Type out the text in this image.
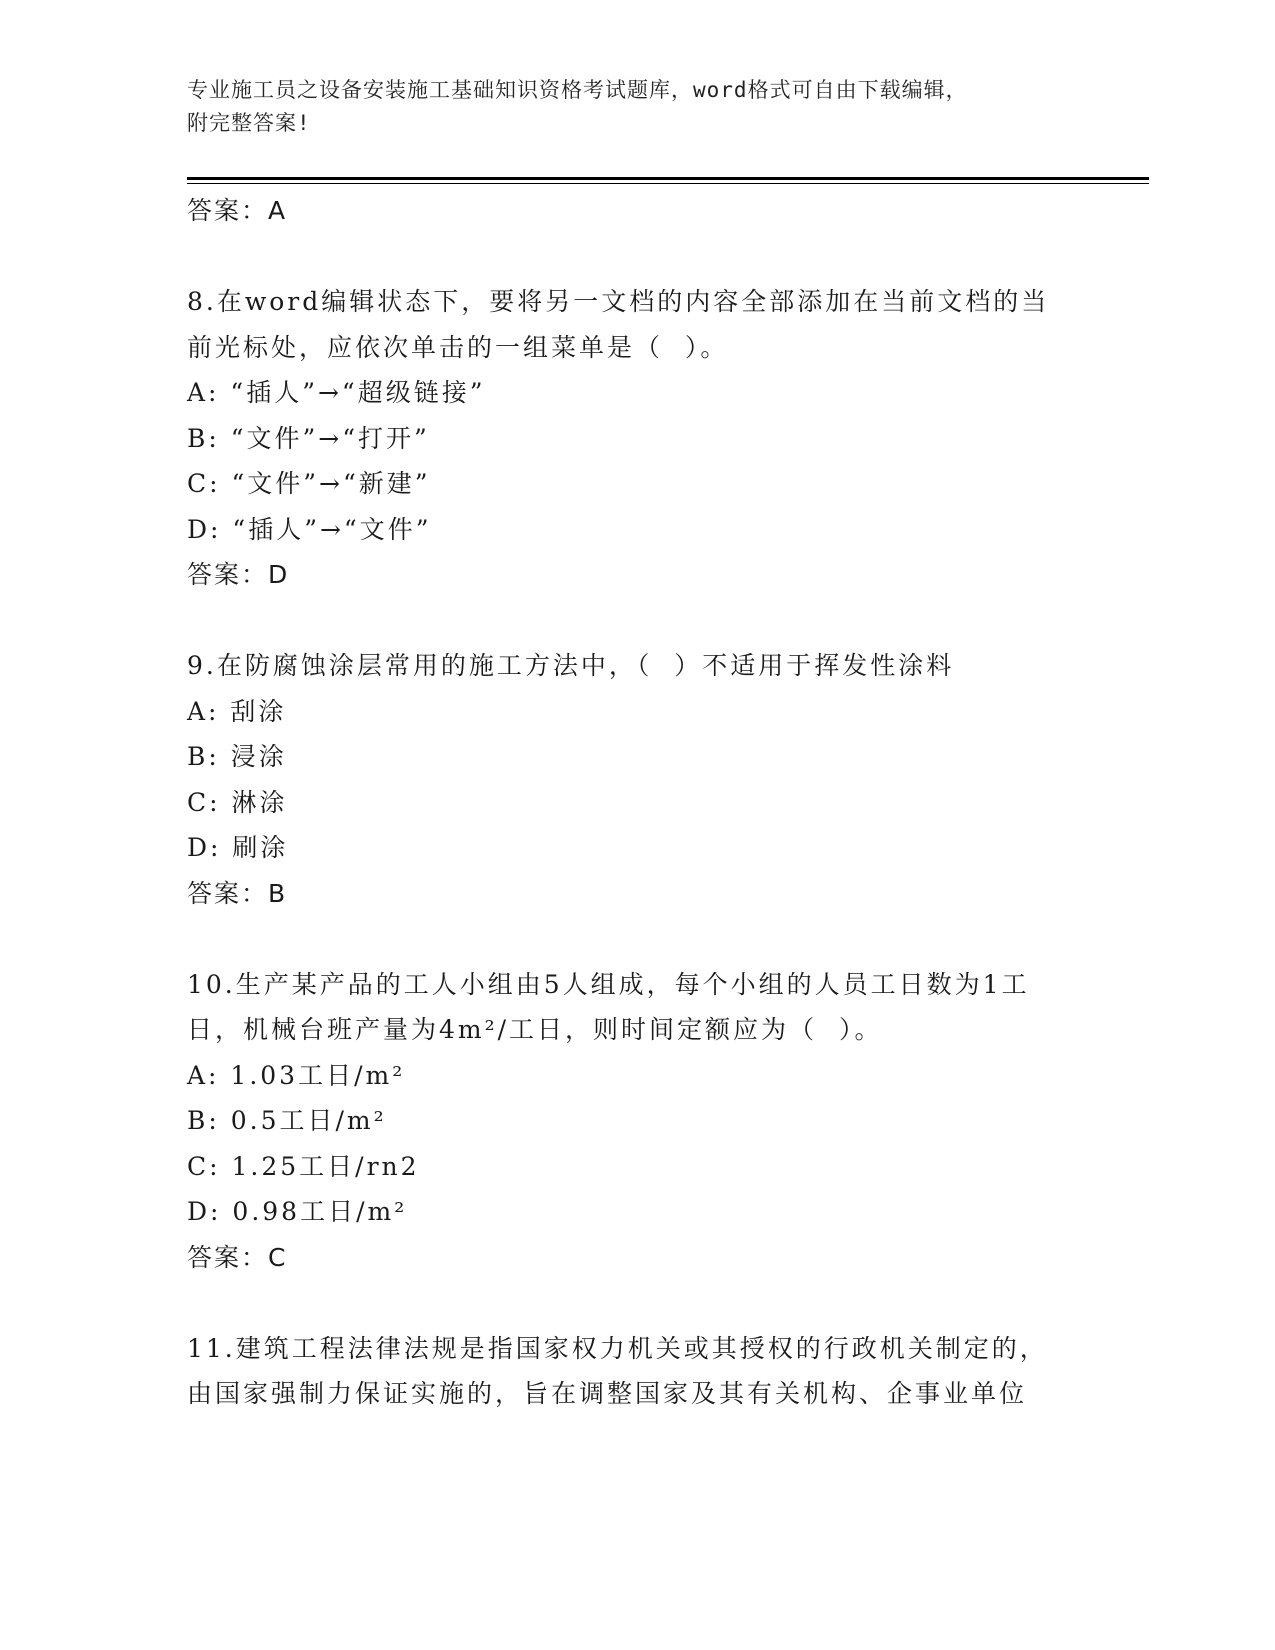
专业施工员之设备安装施工基础知识资格考试题库，word格式可自由下载编辑，
附完整答案!
答案：A
8.在word编辑状态下，要将另一文档的内容全部添加在当前文档的当
前光标处，应依次单击的一组菜单是（  ）。
A: “插人”→“超级链接”
B: “文件”→“打开”
C: “文件”→“新建”
D: “插人”→“文件”
答案：D
9.在防腐蚀涂层常用的施工方法中，（  ）不适用于挥发性涂料
A: 刮涂
B: 浸涂
C: 淋涂
D: 刷涂
答案：B
10.生产某产品的工人小组由5人组成，每个小组的人员工日数为1工
日，机械台班产量为4m²/工日，则时间定额应为（  ）。
A: 1.03工日/m²
B: 0.5工日/m²
C: 1.25工日/rn2
D: 0.98工日/m²
答案：C
11.建筑工程法律法规是指国家权力机关或其授权的行政机关制定的，
由国家强制力保证实施的，旨在调整国家及其有关机构、企事业单位
